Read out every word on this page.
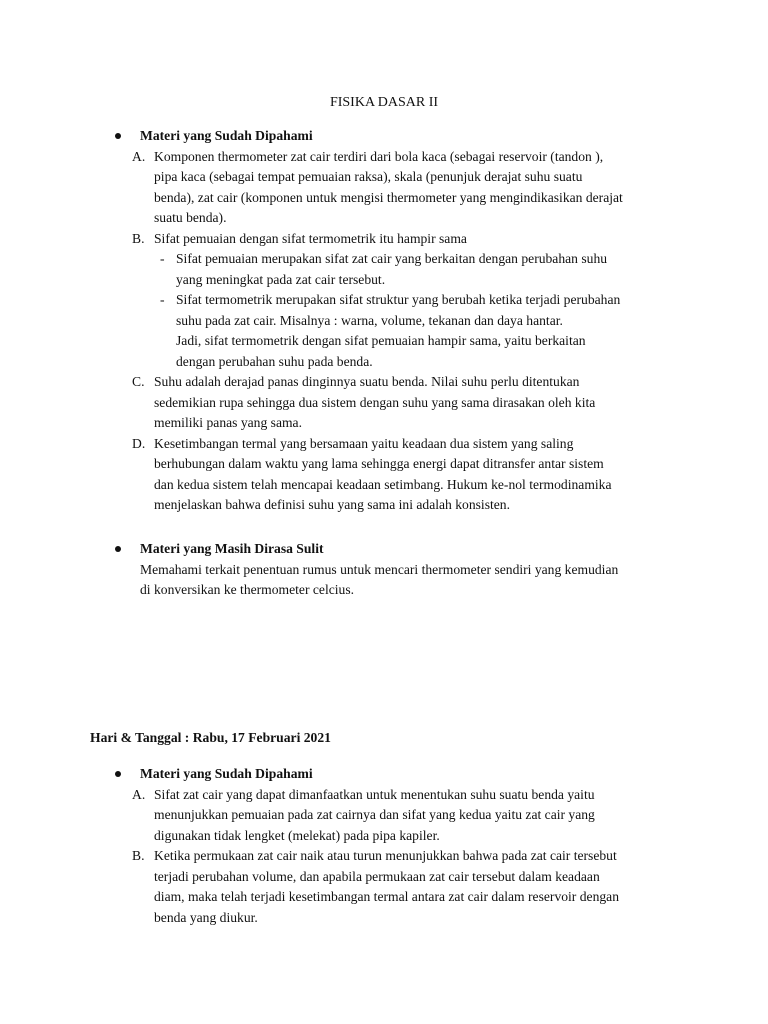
FISIKA DASAR II
Materi yang Sudah Dipahami
A. Komponen thermometer zat cair terdiri dari bola kaca (sebagai reservoir (tandon ),
pipa kaca (sebagai tempat pemuaian raksa), skala (penunjuk derajat suhu suatu
benda), zat cair (komponen untuk mengisi thermometer yang mengindikasikan derajat
suatu benda).
B. Sifat pemuaian dengan sifat termometrik itu hampir sama
- Sifat pemuaian merupakan sifat zat cair yang berkaitan dengan perubahan suhu
yang meningkat pada zat cair tersebut.
- Sifat termometrik merupakan sifat struktur yang berubah ketika terjadi perubahan
suhu pada zat cair. Misalnya : warna, volume, tekanan dan daya hantar.
Jadi, sifat termometrik dengan sifat pemuaian hampir sama, yaitu berkaitan
dengan perubahan suhu pada benda.
C. Suhu adalah derajad panas dinginnya suatu benda. Nilai suhu perlu ditentukan
sedemikian rupa sehingga dua sistem dengan suhu yang sama dirasakan oleh kita
memiliki panas yang sama.
D. Kesetimbangan termal yang bersamaan yaitu keadaan dua sistem yang saling
berhubungan dalam waktu yang lama sehingga energi dapat ditransfer antar sistem
dan kedua sistem telah mencapai keadaan setimbang. Hukum ke-nol termodinamika
menjelaskan bahwa definisi suhu yang sama ini adalah konsisten.
Materi yang Masih Dirasa Sulit
Memahami terkait penentuan rumus untuk mencari thermometer sendiri yang kemudian
di konversikan ke thermometer celcius.
Hari & Tanggal : Rabu, 17 Februari 2021
Materi yang Sudah Dipahami
A. Sifat zat cair yang dapat dimanfaatkan untuk menentukan suhu suatu benda yaitu
menunjukkan pemuaian pada zat cairnya dan sifat yang kedua yaitu zat cair yang
digunakan tidak lengket (melekat) pada pipa kapiler.
B. Ketika permukaan zat cair naik atau turun menunjukkan bahwa pada zat cair tersebut
terjadi perubahan volume, dan apabila permukaan zat cair tersebut dalam keadaan
diam, maka telah terjadi kesetimbangan termal antara zat cair dalam reservoir dengan
benda yang diukur.
